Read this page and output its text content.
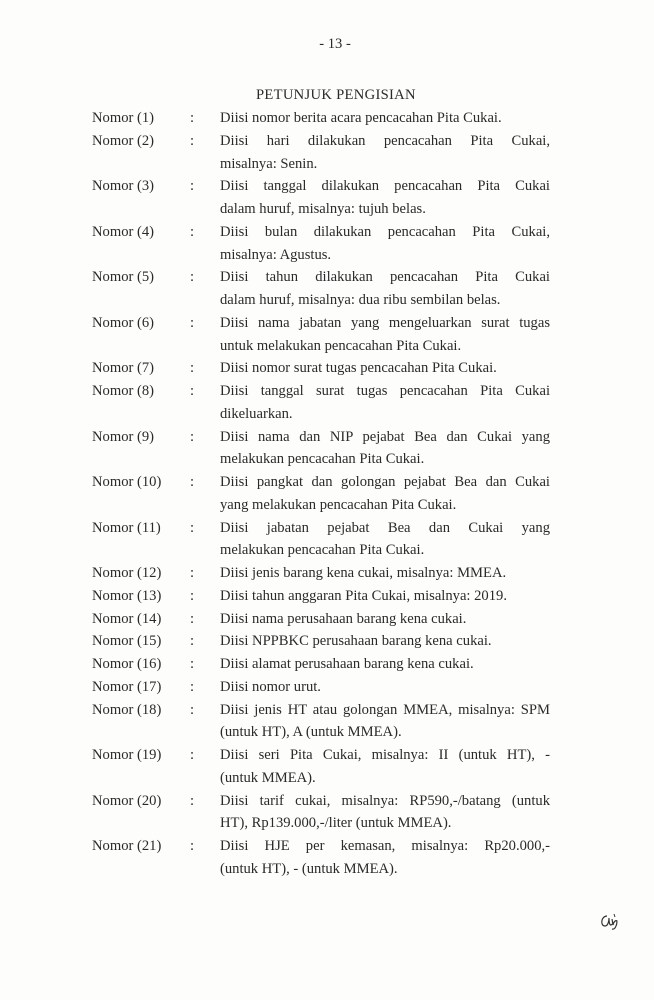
- 13 -
PETUNJUK PENGISIAN
Nomor (1)	:	Diisi nomor berita acara pencacahan Pita Cukai.
Nomor (2)	:	Diisi hari dilakukan pencacahan Pita Cukai,
misalnya: Senin.
Nomor (3)	:	Diisi tanggal dilakukan pencacahan Pita Cukai
dalam huruf, misalnya: tujuh belas.
Nomor (4)	:	Diisi bulan dilakukan pencacahan Pita Cukai,
misalnya: Agustus.
Nomor (5)	:	Diisi tahun dilakukan pencacahan Pita Cukai
dalam huruf, misalnya: dua ribu sembilan belas.
Nomor (6)	:	Diisi nama jabatan yang mengeluarkan surat tugas
untuk melakukan pencacahan Pita Cukai.
Nomor (7)	:	Diisi nomor surat tugas pencacahan Pita Cukai.
Nomor (8)	:	Diisi tanggal surat tugas pencacahan Pita Cukai
dikeluarkan.
Nomor (9)	:	Diisi nama dan NIP pejabat Bea dan Cukai yang
melakukan pencacahan Pita Cukai.
Nomor (10)	:	Diisi pangkat dan golongan pejabat Bea dan Cukai
yang melakukan pencacahan Pita Cukai.
Nomor (11)	:	Diisi jabatan pejabat Bea dan Cukai yang
melakukan pencacahan Pita Cukai.
Nomor (12)	:	Diisi jenis barang kena cukai, misalnya: MMEA.
Nomor (13)	:	Diisi tahun anggaran Pita Cukai, misalnya: 2019.
Nomor (14)	:	Diisi nama perusahaan barang kena cukai.
Nomor (15)	:	Diisi NPPBKC perusahaan barang kena cukai.
Nomor (16)	:	Diisi alamat perusahaan barang kena cukai.
Nomor (17)	:	Diisi nomor urut.
Nomor (18)	:	Diisi jenis HT atau golongan MMEA, misalnya: SPM
(untuk HT), A (untuk MMEA).
Nomor (19)	:	Diisi seri Pita Cukai, misalnya: II (untuk HT), -
(untuk MMEA).
Nomor (20)	:	Diisi tarif cukai, misalnya: RP590,-/batang (untuk
HT), Rp139.000,-/liter (untuk MMEA).
Nomor (21)	:	Diisi HJE per kemasan, misalnya: Rp20.000,-
(untuk HT), - (untuk MMEA).
